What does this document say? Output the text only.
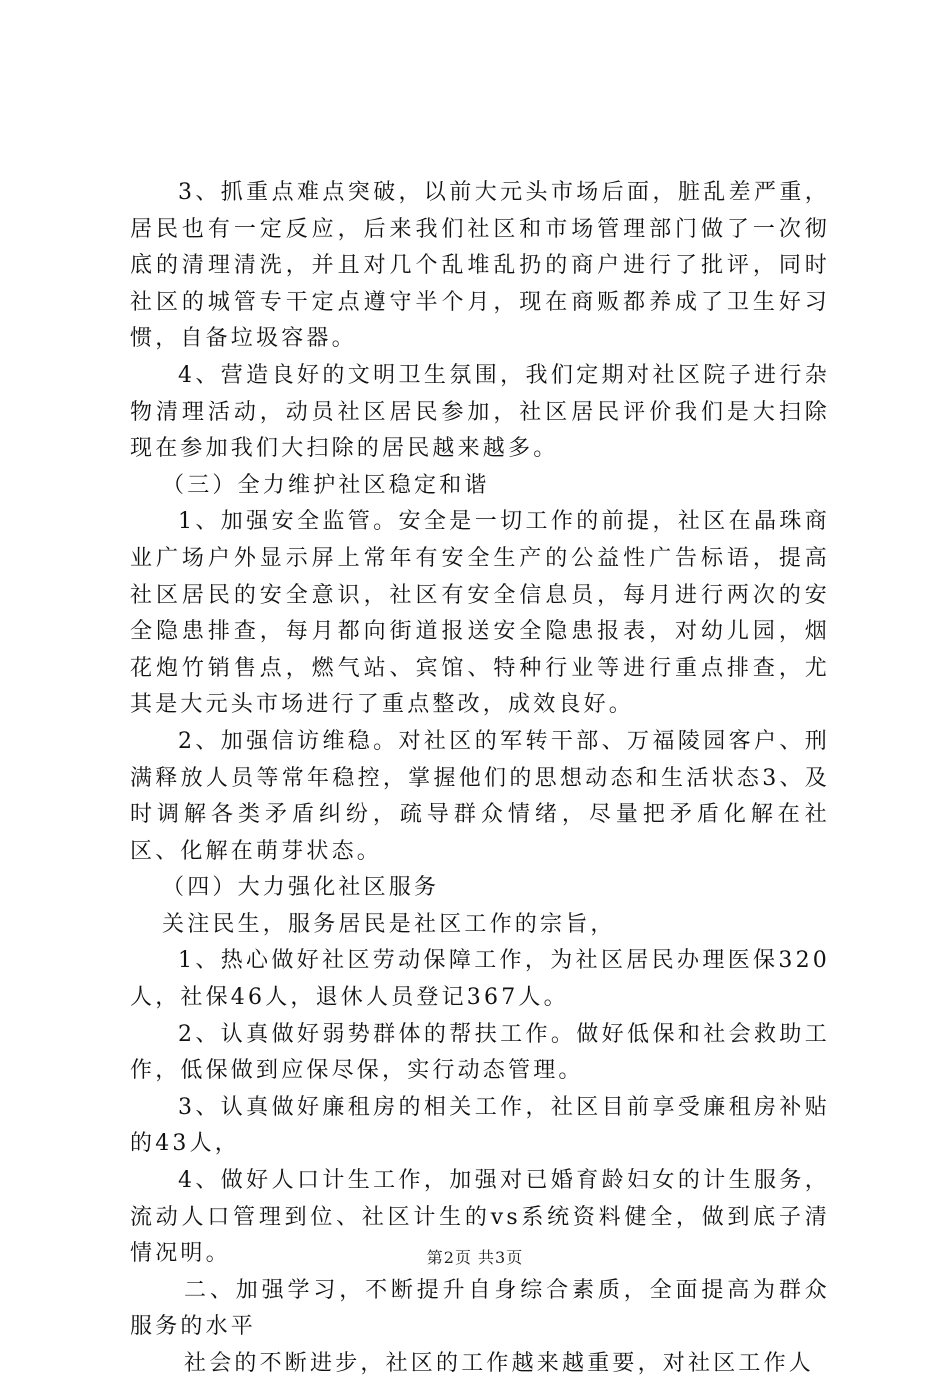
3、抓重点难点突破，以前大元头市场后面，脏乱差严重，居民也有一定反应，后来我们社区和市场管理部门做了一次彻底的清理清洗，并且对几个乱堆乱扔的商户进行了批评，同时社区的城管专干定点遵守半个月，现在商贩都养成了卫生好习惯，自备垃圾容器。

4、营造良好的文明卫生氛围，我们定期对社区院子进行杂物清理活动，动员社区居民参加，社区居民评价我们是大扫除现在参加我们大扫除的居民越来越多。

（三）全力维护社区稳定和谐

1、加强安全监管。安全是一切工作的前提，社区在晶珠商业广场户外显示屏上常年有安全生产的公益性广告标语，提高社区居民的安全意识，社区有安全信息员，每月进行两次的安全隐患排查，每月都向街道报送安全隐患报表，对幼儿园，烟花炮竹销售点，燃气站、宾馆、特种行业等进行重点排查，尤其是大元头市场进行了重点整改，成效良好。

2、加强信访维稳。对社区的军转干部、万福陵园客户、刑满释放人员等常年稳控，掌握他们的思想动态和生活状态3、及时调解各类矛盾纠纷，疏导群众情绪，尽量把矛盾化解在社区、化解在萌芽状态。

（四）大力强化社区服务

关注民生，服务居民是社区工作的宗旨，

1、热心做好社区劳动保障工作，为社区居民办理医保320人，社保46人，退休人员登记367人。

2、认真做好弱势群体的帮扶工作。做好低保和社会救助工作，低保做到应保尽保，实行动态管理。

3、认真做好廉租房的相关工作，社区目前享受廉租房补贴的43人，

4、做好人口计生工作，加强对已婚育龄妇女的计生服务，流动人口管理到位、社区计生的vs系统资料健全，做到底子清情况明。

二、加强学习，不断提升自身综合素质，全面提高为群众服务的水平

社会的不断进步，社区的工作越来越重要，对社区工作人

第2页 共3页
